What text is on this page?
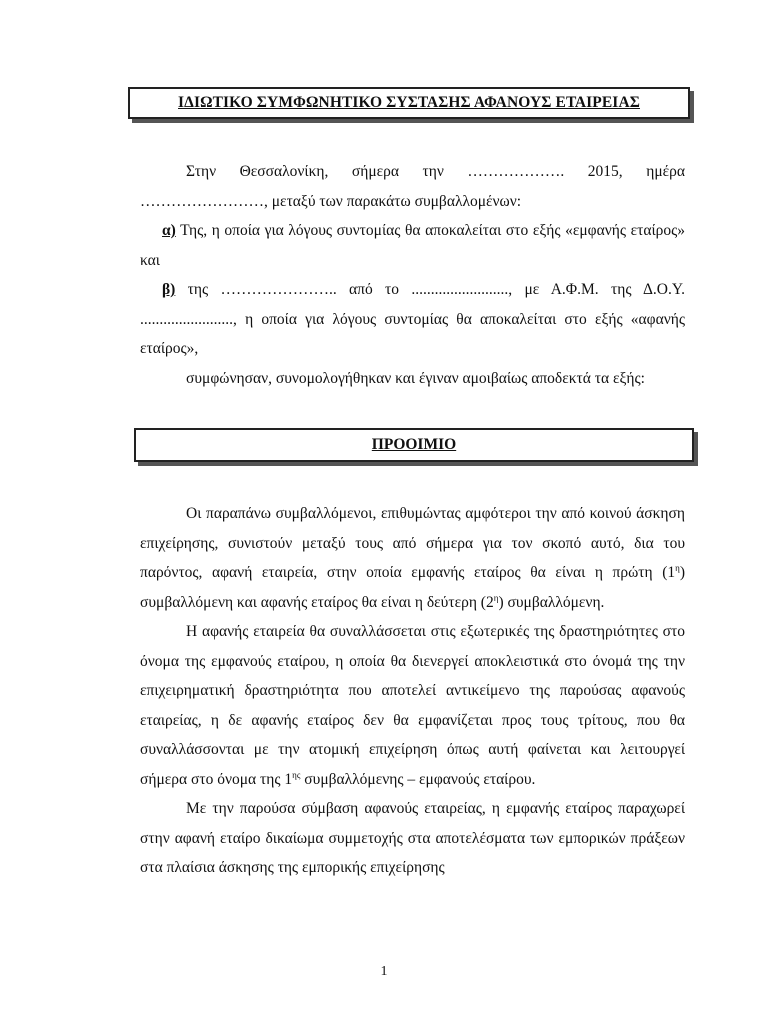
ΙΔΙΩΤΙΚΟ ΣΥΜΦΩΝΗΤΙΚΟ ΣΥΣΤΑΣΗΣ ΑΦΑΝΟΥΣ ΕΤΑΙΡΕΙΑΣ

Στην Θεσσαλονίκη, σήμερα την ………………. 2015, ημέρα ……………………, μεταξύ των παρακάτω συμβαλλομένων:

α) Της, η οποία για λόγους συντομίας θα αποκαλείται στο εξής «εμφανής εταίρος» και

β) της ………………….. από το ........................., με Α.Φ.Μ. της Δ.Ο.Υ. ........................, η οποία για λόγους συντομίας θα αποκαλείται στο εξής «αφανής εταίρος»,

συμφώνησαν, συνομολογήθηκαν και έγιναν αμοιβαίως αποδεκτά τα εξής:

ΠΡΟΟΙΜΙΟ

Οι παραπάνω συμβαλλόμενοι, επιθυμώντας αμφότεροι την από κοινού άσκηση επιχείρησης, συνιστούν μεταξύ τους από σήμερα για τον σκοπό αυτό, δια του παρόντος, αφανή εταιρεία, στην οποία εμφανής εταίρος θα είναι η πρώτη $(1^\eta)$ συμβαλλόμενη και αφανής εταίρος θα είναι η δεύτερη $(2^\eta)$ συμβαλλόμενη.

Η αφανής εταιρεία θα συναλλάσσεται στις εξωτερικές της δραστηριότητες στο όνομα της εμφανούς εταίρου, η οποία θα διενεργεί αποκλειστικά στο όνομά της την επιχειρηματική δραστηριότητα που αποτελεί αντικείμενο της παρούσας αφανούς εταιρείας, η δε αφανής εταίρος δεν θα εμφανίζεται προς τους τρίτους, που θα συναλλάσσονται με την ατομική επιχείρηση όπως αυτή φαίνεται και λειτουργεί σήμερα στο όνομα της $1^{\eta\varsigma}$ συμβαλλόμενης – εμφανούς εταίρου.

Με την παρούσα σύμβαση αφανούς εταιρείας, η εμφανής εταίρος παραχωρεί στην αφανή εταίρο δικαίωμα συμμετοχής στα αποτελέσματα των εμπορικών πράξεων στα πλαίσια άσκησης της εμπορικής επιχείρησης

1
